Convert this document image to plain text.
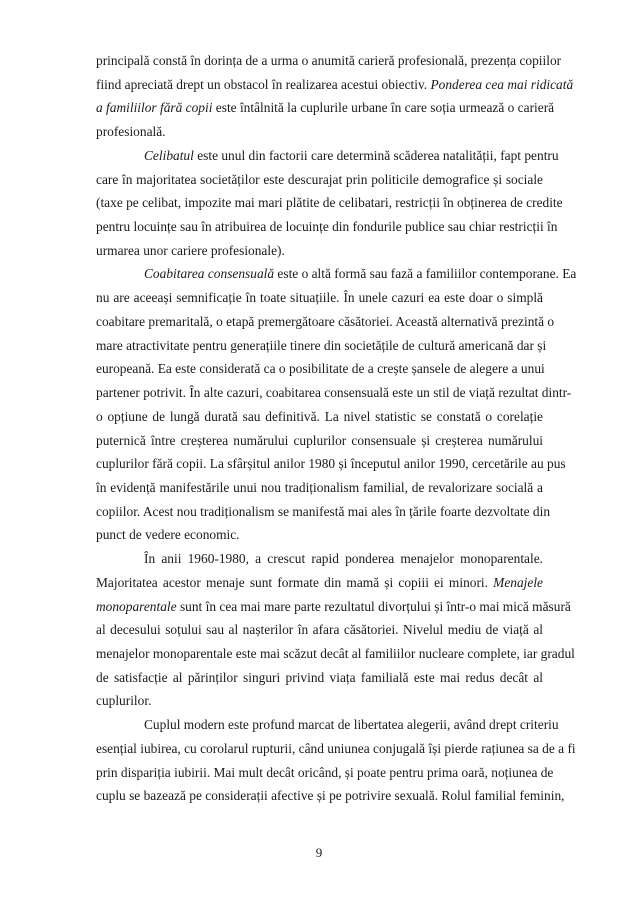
principală constă în dorința de a urma o anumită carieră profesională, prezența copiilor
fiind apreciată drept un obstacol în realizarea acestui obiectiv. Ponderea cea mai ridicată
a familiilor fără copii este întâlnită la cuplurile urbane în care soția urmează o carieră
profesională.
Celibatul este unul din factorii care determină scăderea natalității, fapt pentru
care în majoritatea societăților este descurajat prin politicile demografice și sociale
(taxe pe celibat, impozite mai mari plătite de celibatari, restricții în obținerea de credite
pentru locuințe sau în atribuirea de locuințe din fondurile publice sau chiar restricții în
urmarea unor cariere profesionale).
Coabitarea consensuală este o altă formă sau fază a familiilor contemporane. Ea
nu are aceeași semnificație în toate situațiile. În unele cazuri ea este doar o simplă
coabitare premaritală, o etapă premergătoare căsătoriei. Această alternativă prezintă o
mare atractivitate pentru generațiile tinere din societățile de cultură americană dar și
europeană. Ea este considerată ca o posibilitate de a crește șansele de alegere a unui
partener potrivit. În alte cazuri, coabitarea consensuală este un stil de viață rezultat dintr-
o opțiune de lungă durată sau definitivă. La nivel statistic se constată o corelație
puternică între creșterea numărului cuplurilor consensuale și creșterea numărului
cuplurilor fără copii. La sfârșitul anilor 1980 și începutul anilor 1990, cercetările au pus
în evidență manifestările unui nou tradiționalism familial, de revalorizare socială a
copiilor. Acest nou tradiționalism se manifestă mai ales în țările foarte dezvoltate din
punct de vedere economic.
În anii 1960-1980, a crescut rapid ponderea menajelor monoparentale.
Majoritatea acestor menaje sunt formate din mamă și copiii ei minori. Menajele
monoparentale sunt în cea mai mare parte rezultatul divorțului și într-o mai mică măsură
al decesului soțului sau al nașterilor în afara căsătoriei. Nivelul mediu de viață al
menajelor monoparentale este mai scăzut decât al familiilor nucleare complete, iar gradul
de satisfacție al părinților singuri privind viața familială este mai redus decât al
cuplurilor.
Cuplul modern este profund marcat de libertatea alegerii, având drept criteriu
esențial iubirea, cu corolarul rupturii, când uniunea conjugală își pierde rațiunea sa de a fi
prin dispariția iubirii. Mai mult decât oricând, și poate pentru prima oară, noțiunea de
cuplu se bazează pe considerații afective și pe potrivire sexuală. Rolul familial feminin,
9
